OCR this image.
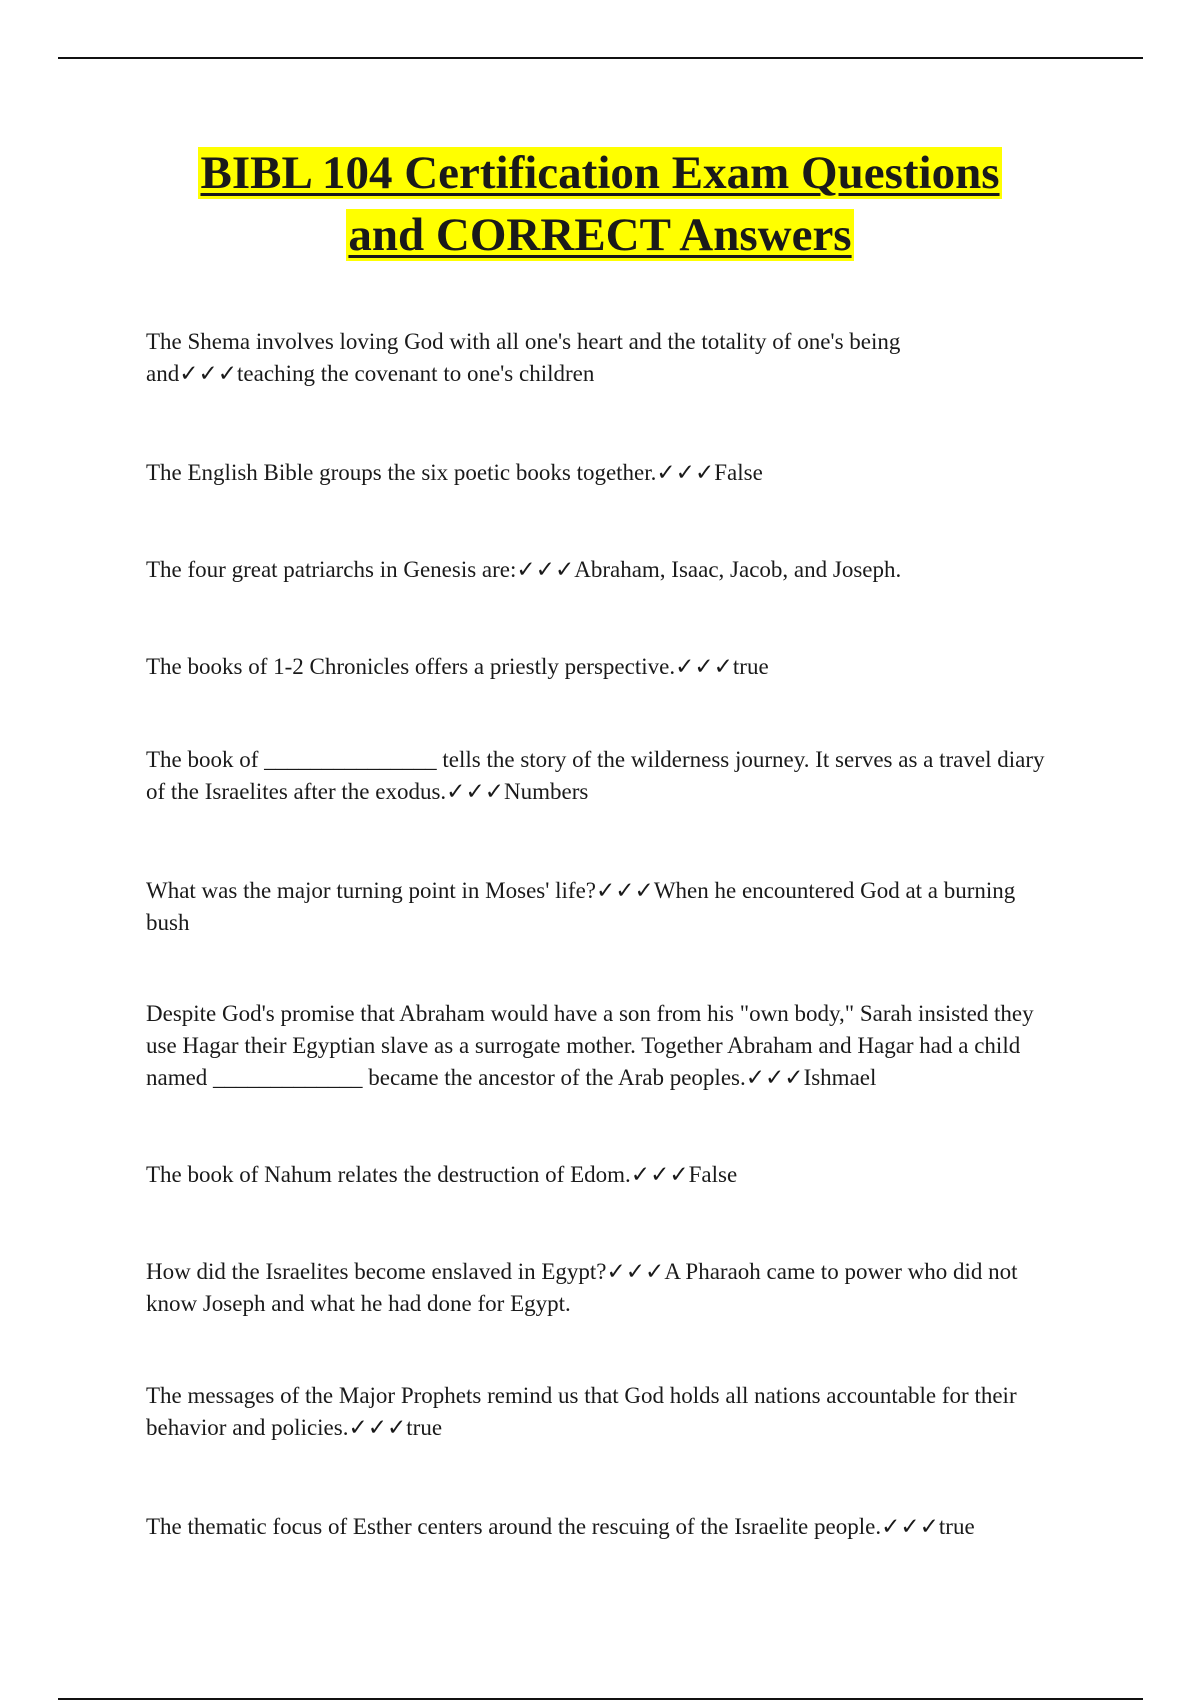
BIBL 104 Certification Exam Questions
and CORRECT Answers

The Shema involves loving God with all one's heart and the totality of one's being and✓✓✓teaching the covenant to one's children

The English Bible groups the six poetic books together.✓✓✓False

The four great patriarchs in Genesis are:✓✓✓Abraham, Isaac, Jacob, and Joseph.

The books of 1-2 Chronicles offers a priestly perspective.✓✓✓true

The book of _______________ tells the story of the wilderness journey. It serves as a travel diary of the Israelites after the exodus.✓✓✓Numbers

What was the major turning point in Moses' life?✓✓✓When he encountered God at a burning bush

Despite God's promise that Abraham would have a son from his "own body," Sarah insisted they use Hagar their Egyptian slave as a surrogate mother. Together Abraham and Hagar had a child named _____________ became the ancestor of the Arab peoples.✓✓✓Ishmael

The book of Nahum relates the destruction of Edom.✓✓✓False

How did the Israelites become enslaved in Egypt?✓✓✓A Pharaoh came to power who did not know Joseph and what he had done for Egypt.

The messages of the Major Prophets remind us that God holds all nations accountable for their behavior and policies.✓✓✓true

The thematic focus of Esther centers around the rescuing of the Israelite people.✓✓✓true
